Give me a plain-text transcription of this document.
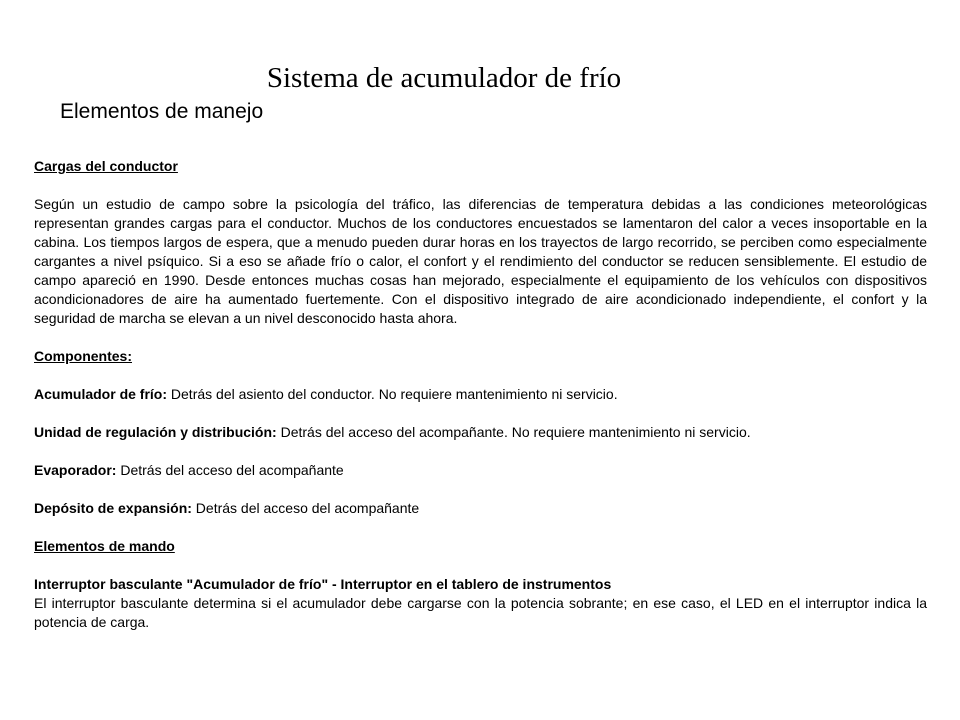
Sistema de acumulador de frío
Elementos de manejo

Cargas del conductor

Según un estudio de campo sobre la psicología del tráfico, las diferencias de temperatura debidas a las condiciones meteorológicas representan grandes cargas para el conductor. Muchos de los conductores encuestados se lamentaron del calor a veces insoportable en la cabina. Los tiempos largos de espera, que a menudo pueden durar horas en los trayectos de largo recorrido, se perciben como especialmente cargantes a nivel psíquico. Si a eso se añade frío o calor, el confort y el rendimiento del conductor se reducen sensiblemente. El estudio de campo apareció en 1990. Desde entonces muchas cosas han mejorado, especialmente el equipamiento de los vehículos con dispositivos acondicionadores de aire ha aumentado fuertemente. Con el dispositivo integrado de aire acondicionado independiente, el confort y la seguridad de marcha se elevan a un nivel desconocido hasta ahora.

Componentes:

Acumulador de frío: Detrás del asiento del conductor. No requiere mantenimiento ni servicio.

Unidad de regulación y distribución: Detrás del acceso del acompañante. No requiere mantenimiento ni servicio.

Evaporador: Detrás del acceso del acompañante

Depósito de expansión: Detrás del acceso del acompañante

Elementos de mando

Interruptor basculante "Acumulador de frío" - Interruptor en el tablero de instrumentos

El interruptor basculante determina si el acumulador debe cargarse con la potencia sobrante; en ese caso, el LED en el interruptor indica la potencia de carga.
